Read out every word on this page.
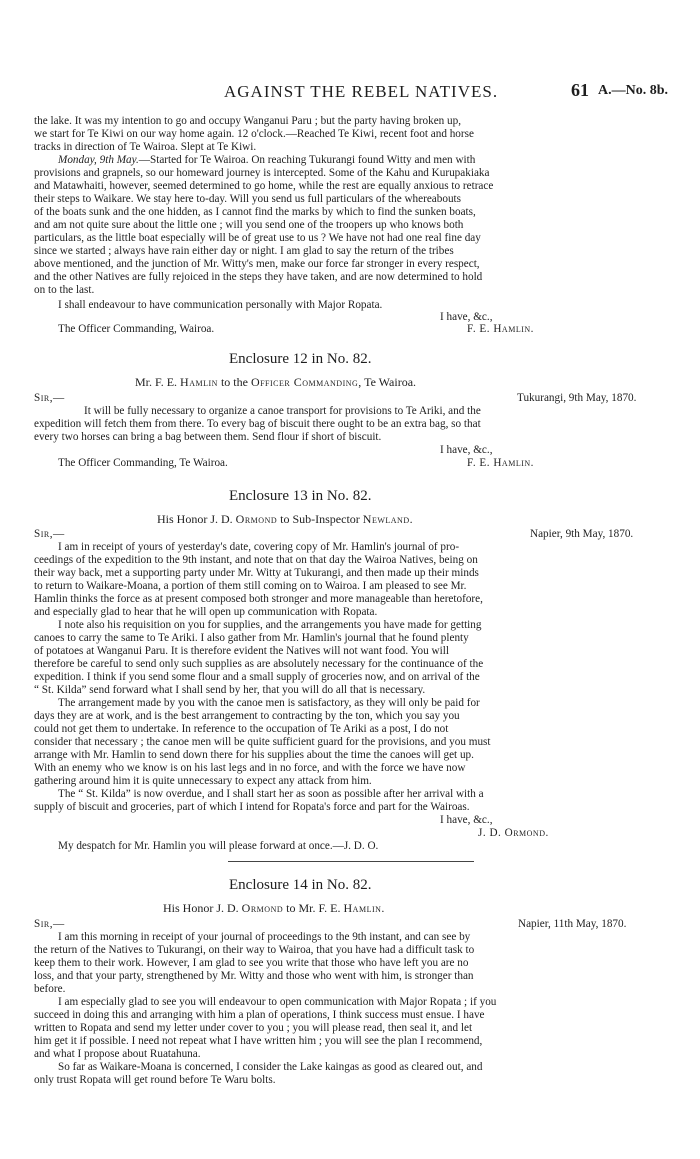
AGAINST THE REBEL NATIVES.	61 A.—No. 8b.
the lake. It was my intention to go and occupy Wanganui Paru ; but the party having broken up,
we start for Te Kiwi on our way home again. 12 o'clock.—Reached Te Kiwi, recent foot and horse
tracks in direction of Te Wairoa. Slept at Te Kiwi.
Monday, 9th May.—Started for Te Wairoa. On reaching Tukurangi found Witty and men with
provisions and grapnels, so our homeward journey is intercepted. Some of the Kahu and Kurupakiaka
and Matawhaiti, however, seemed determined to go home, while the rest are equally anxious to retrace
their steps to Waikare. We stay here to-day. Will you send us full particulars of the whereabouts
of the boats sunk and the one hidden, as I cannot find the marks by which to find the sunken boats,
and am not quite sure about the little one ; will you send one of the troopers up who knows both
particulars, as the little boat especially will be of great use to us ? We have not had one real fine day
since we started ; always have rain either day or night. I am glad to say the return of the tribes
above mentioned, and the junction of Mr. Witty's men, make our force far stronger in every respect,
and the other Natives are fully rejoiced in the steps they have taken, and are now determined to hold
on to the last.
I shall endeavour to have communication personally with Major Ropata.
I have, &c.,
The Officer Commanding, Wairoa.	F. E. Hamlin.
Enclosure 12 in No. 82.
Mr. F. E. Hamlin to the Officer Commanding, Te Wairoa.
Sir,—	Tukurangi, 9th May, 1870.
It will be fully necessary to organize a canoe transport for provisions to Te Ariki, and the
expedition will fetch them from there. To every bag of biscuit there ought to be an extra bag, so that
every two horses can bring a bag between them. Send flour if short of biscuit.
I have, &c.,
The Officer Commanding, Te Wairoa.	F. E. Hamlin.
Enclosure 13 in No. 82.
His Honor J. D. Ormond to Sub-Inspector Newland.
Sir,—	Napier, 9th May, 1870.
I am in receipt of yours of yesterday's date, covering copy of Mr. Hamlin's journal of pro-
ceedings of the expedition to the 9th instant, and note that on that day the Wairoa Natives, being on
their way back, met a supporting party under Mr. Witty at Tukurangi, and then made up their minds
to return to Waikare-Moana, a portion of them still coming on to Wairoa. I am pleased to see Mr.
Hamlin thinks the force as at present composed both stronger and more manageable than heretofore,
and especially glad to hear that he will open up communication with Ropata.
I note also his requisition on you for supplies, and the arrangements you have made for getting
canoes to carry the same to Te Ariki. I also gather from Mr. Hamlin's journal that he found plenty
of potatoes at Wanganui Paru. It is therefore evident the Natives will not want food. You will
therefore be careful to send only such supplies as are absolutely necessary for the continuance of the
expedition. I think if you send some flour and a small supply of groceries now, and on arrival of the
“ St. Kilda” send forward what I shall send by her, that you will do all that is necessary.
The arrangement made by you with the canoe men is satisfactory, as they will only be paid for
days they are at work, and is the best arrangement to contracting by the ton, which you say you
could not get them to undertake. In reference to the occupation of Te Ariki as a post, I do not
consider that necessary ; the canoe men will be quite sufficient guard for the provisions, and you must
arrange with Mr. Hamlin to send down there for his supplies about the time the canoes will get up.
With an enemy who we know is on his last legs and in no force, and with the force we have now
gathering around him it is quite unnecessary to expect any attack from him.
The “ St. Kilda” is now overdue, and I shall start her as soon as possible after her arrival with a
supply of biscuit and groceries, part of which I intend for Ropata's force and part for the Wairoas.
I have, &c.,
J. D. Ormond.
My despatch for Mr. Hamlin you will please forward at once.—J. D. O.
Enclosure 14 in No. 82.
His Honor J. D. Ormond to Mr. F. E. Hamlin.
Sir,—	Napier, 11th May, 1870.
I am this morning in receipt of your journal of proceedings to the 9th instant, and can see by
the return of the Natives to Tukurangi, on their way to Wairoa, that you have had a difficult task to
keep them to their work. However, I am glad to see you write that those who have left you are no
loss, and that your party, strengthened by Mr. Witty and those who went with him, is stronger than
before.
I am especially glad to see you will endeavour to open communication with Major Ropata ; if you
succeed in doing this and arranging with him a plan of operations, I think success must ensue. I have
written to Ropata and send my letter under cover to you ; you will please read, then seal it, and let
him get it if possible. I need not repeat what I have written him ; you will see the plan I recommend,
and what I propose about Ruatahuna.
So far as Waikare-Moana is concerned, I consider the Lake kaingas as good as cleared out, and
only trust Ropata will get round before Te Waru bolts.
